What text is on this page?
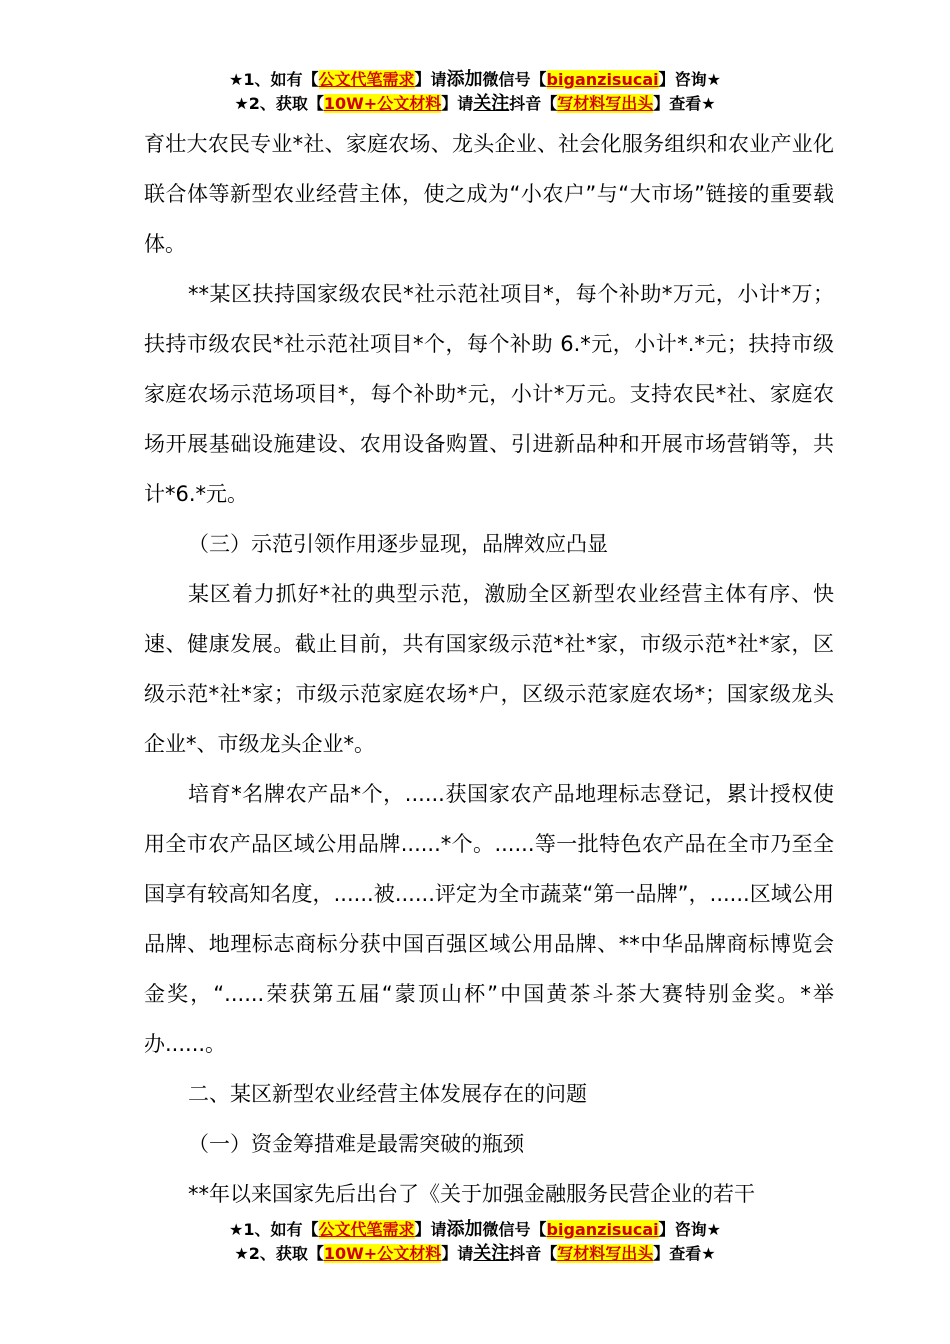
★1、如有【公文代笔需求】请添加微信号【biganzisucai】咨询★
★2、获取【10W+公文材料】请关注抖音【写材料写出头】查看★

育壮大农民专业*社、家庭农场、龙头企业、社会化服务组织和农业产业化联合体等新型农业经营主体，使之成为“小农户”与“大市场”链接的重要载体。

**某区扶持国家级农民*社示范社项目*，每个补助*万元，小计*万；扶持市级农民*社示范社项目*个，每个补助 6.*元，小计*.*元；扶持市级家庭农场示范场项目*，每个补助*元，小计*万元。支持农民*社、家庭农场开展基础设施建设、农用设备购置、引进新品种和开展市场营销等，共计*6.*元。

（三）示范引领作用逐步显现，品牌效应凸显

某区着力抓好*社的典型示范，激励全区新型农业经营主体有序、快速、健康发展。截止目前，共有国家级示范*社*家，市级示范*社*家，区级示范*社*家；市级示范家庭农场*户，区级示范家庭农场*；国家级龙头企业*、市级龙头企业*。

培育*名牌农产品*个，......获国家农产品地理标志登记，累计授权使用全市农产品区域公用品牌......*个。......等一批特色农产品在全市乃至全国享有较高知名度，......被......评定为全市蔬菜“第一品牌”，......区域公用品牌、地理标志商标分获中国百强区域公用品牌、**中华品牌商标博览会金奖，“......荣获第五届“蒙顶山杯”中国黄茶斗茶大赛特别金奖。*举办......。

二、某区新型农业经营主体发展存在的问题

（一）资金筹措难是最需突破的瓶颈

**年以来国家先后出台了《关于加强金融服务民营企业的若干

★1、如有【公文代笔需求】请添加微信号【biganzisucai】咨询★
★2、获取【10W+公文材料】请关注抖音【写材料写出头】查看★
